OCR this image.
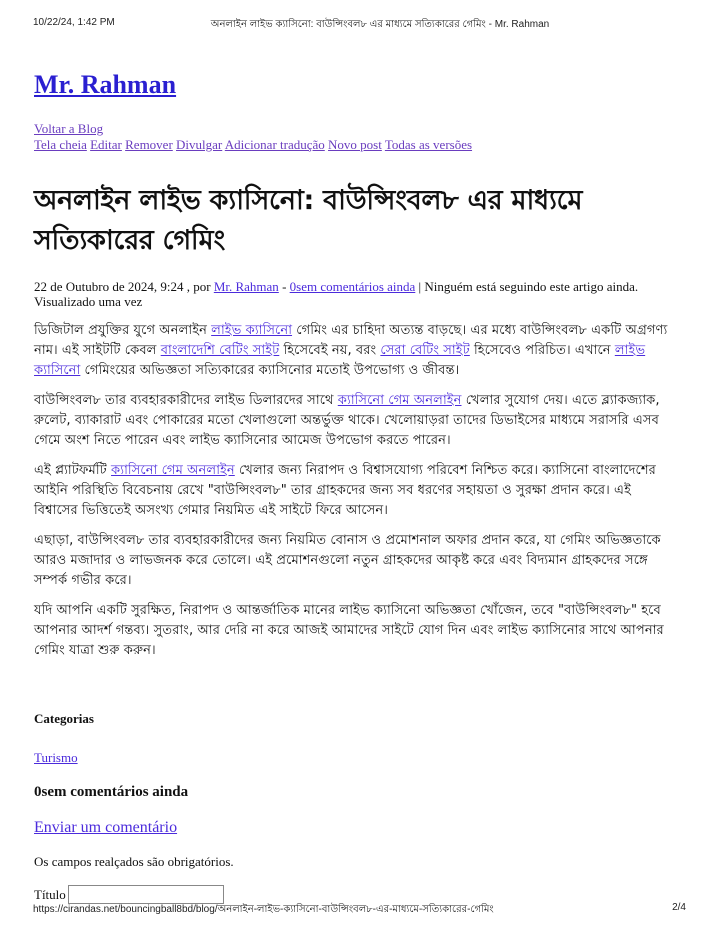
10/22/24, 1:42 PM	অনলাইন লাইভ ক্যাসিনো: বাউন্সিংবল৮ এর মাধ্যমে সত্যিকারের গেমিং - Mr. Rahman
Mr. Rahman
Voltar a Blog
Tela cheia Editar Remover Divulgar Adicionar tradução Novo post Todas as versões
অনলাইন লাইভ ক্যাসিনো: বাউন্সিংবল৮ এর মাধ্যমে সত্যিকারের গেমিং
22 de Outubro de 2024, 9:24 , por Mr. Rahman - 0sem comentários ainda | Ninguém está seguindo este artigo ainda.
Visualizado uma vez

ডিজিটাল প্রযুক্তির যুগে অনলাইন লাইভ ক্যাসিনো গেমিং এর চাহিদা অত্যন্ত বাড়ছে। এর মধ্যে বাউন্সিংবল৮ একটি অগ্রগণ্য নাম। এই সাইটটি কেবল বাংলাদেশি বেটিং সাইট হিসেবেই নয়, বরং সেরা বেটিং সাইট হিসেবেও পরিচিত। এখানে লাইভ ক্যাসিনো গেমিংয়ের অভিজ্ঞতা সত্যিকারের ক্যাসিনোর মতোই উপভোগ্য ও জীবন্ত।

বাউন্সিংবল৮ তার ব্যবহারকারীদের লাইভ ডিলারদের সাথে ক্যাসিনো গেম অনলাইন খেলার সুযোগ দেয়। এতে ব্ল্যাকজ্যাক, রুলেট, ব্যাকারাট এবং পোকারের মতো খেলাগুলো অন্তর্ভুক্ত থাকে। খেলোয়াড়রা তাদের ডিভাইসের মাধ্যমে সরাসরি এসব গেমে অংশ নিতে পারেন এবং লাইভ ক্যাসিনোর আমেজ উপভোগ করতে পারেন।

এই প্ল্যাটফর্মটি ক্যাসিনো গেম অনলাইন খেলার জন্য নিরাপদ ও বিশ্বাসযোগ্য পরিবেশ নিশ্চিত করে। ক্যাসিনো বাংলাদেশের আইনি পরিস্থিতি বিবেচনায় রেখে "বাউন্সিংবল৮" তার গ্রাহকদের জন্য সব ধরণের সহায়তা ও সুরক্ষা প্রদান করে। এই বিশ্বাসের ভিত্তিতেই অসংখ্য গেমার নিয়মিত এই সাইটে ফিরে আসেন।

এছাড়া, বাউন্সিংবল৮ তার ব্যবহারকারীদের জন্য নিয়মিত বোনাস ও প্রমোশনাল অফার প্রদান করে, যা গেমিং অভিজ্ঞতাকে আরও মজাদার ও লাভজনক করে তোলে। এই প্রমোশনগুলো নতুন গ্রাহকদের আকৃষ্ট করে এবং বিদ্যমান গ্রাহকদের সঙ্গে সম্পর্ক গভীর করে।

যদি আপনি একটি সুরক্ষিত, নিরাপদ ও আন্তর্জাতিক মানের লাইভ ক্যাসিনো অভিজ্ঞতা খোঁজেন, তবে "বাউন্সিংবল৮" হবে আপনার আদর্শ গন্তব্য। সুতরাং, আর দেরি না করে আজই আমাদের সাইটে যোগ দিন এবং লাইভ ক্যাসিনোর সাথে আপনার গেমিং যাত্রা শুরু করুন।

Categorias
Turismo
0sem comentários ainda
Enviar um comentário

Os campos realçados são obrigatórios.

Título
https://cirandas.net/bouncingball8bd/blog/অনলাইন-লাইভ-ক্যাসিনো-বাউন্সিংবল৮-এর-মাধ্যমে-সত্যিকারের-গেমিং	2/4
